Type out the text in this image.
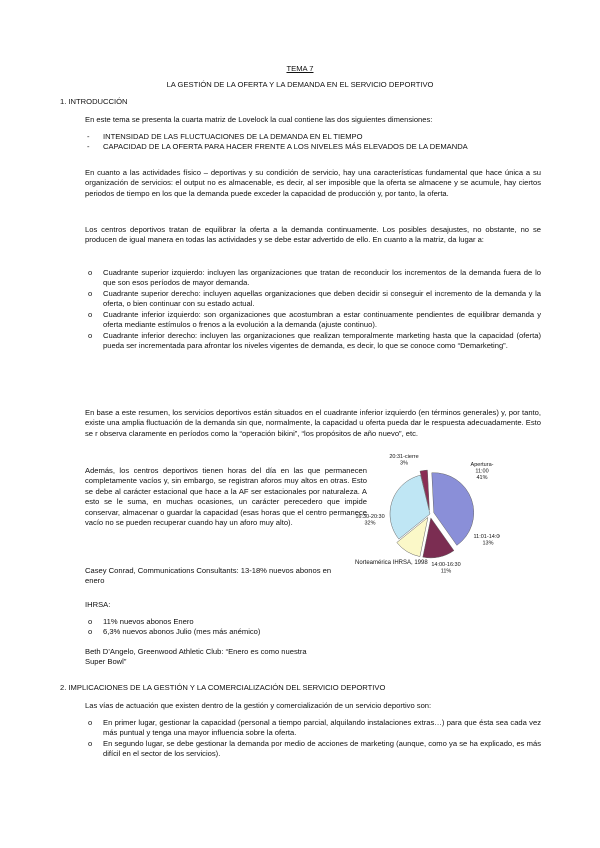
TEMA 7
LA GESTIÓN DE LA OFERTA Y LA DEMANDA EN EL SERVICIO DEPORTIVO
1. INTRODUCCIÓN

En este tema se presenta la cuarta matriz de Lovelock la cual contiene las dos siguientes dimensiones:

- INTENSIDAD DE LAS FLUCTUACIONES DE LA DEMANDA EN EL TIEMPO
- CAPACIDAD DE LA OFERTA PARA HACER FRENTE A LOS NIVELES MÁS ELEVADOS DE LA DEMANDA

En cuanto a las actividades físico – deportivas y su condición de servicio, hay una características fundamental que hace única a su organización de servicios: el output no es almacenable, es decir, al ser imposible que la oferta se almacene y se acumule, hay ciertos periodos de tiempo en los que la demanda puede exceder la capacidad de producción y, por tanto, la oferta.

Los centros deportivos tratan de equilibrar la oferta a la demanda continuamente. Los posibles desajustes, no obstante, no se producen de igual manera en todas las actividades y se debe estar advertido de ello. En cuanto a la matriz, da lugar a:

o Cuadrante superior izquierdo: incluyen las organizaciones que tratan de reconducir los incrementos de la demanda fuera de lo que son esos períodos de mayor demanda.
o Cuadrante superior derecho: incluyen aquellas organizaciones que deben decidir si conseguir el incremento de la demanda y la oferta, o bien continuar con su estado actual.
o Cuadrante inferior izquierdo: son organizaciones que acostumbran a estar continuamente pendientes de equilibrar demanda y oferta mediante estímulos o frenos a la evolución a la demanda (ajuste continuo).
o Cuadrante inferior derecho: incluyen las organizaciones que realizan temporalmente marketing hasta que la capacidad (oferta) pueda ser incrementada para afrontar los niveles vigentes de demanda, es decir, lo que se conoce como “Demarketing”.

En base a este resumen, los servicios deportivos están situados en el cuadrante inferior izquierdo (en términos generales) y, por tanto, existe una amplia fluctuación de la demanda sin que, normalmente, la capacidad u oferta pueda dar le respuesta adecuadamente. Esto se r observa claramente en períodos como la “operación bikini”, “los propósitos de año nuevo”, etc.

Además, los centros deportivos tienen horas del día en las que permanecen completamente vacíos y, sin embargo, se registran aforos muy altos en otras. Esto se debe al carácter estacional que hace a la AF ser estacionales por naturaleza. A esto se le suma, en muchas ocasiones, un carácter perecedero que impide conservar, almacenar o guardar la capacidad (esas horas que el centro permanece vacío no se pueden recuperar cuando hay un aforo muy alto).

Casey Conrad, Communications Consultants: 13-18% nuevos abonos en enero

IHRSA:
o 11% nuevos abonos Enero
o 6,3% nuevos abonos Julio (mes más anémico)

Beth D’Angelo, Greenwood Athletic Club: “Enero es como nuestra Super Bowl”

2. IMPLICACIONES DE LA GESTIÓN Y LA COMERCIALIZACIÓN DEL SERVICIO DEPORTIVO

Las vías de actuación que existen dentro de la gestión y comercialización de un servicio deportivo son:

o En primer lugar, gestionar la capacidad (personal a tiempo parcial, alquilando instalaciones extras…) para que ésta sea cada vez más puntual y tenga una mayor influencia sobre la oferta.
o En segundo lugar, se debe gestionar la demanda por medio de acciones de marketing (aunque, como ya se ha explicado, es más difícil en el sector de los servicios).
Apertura-11:00 41%
11:01-14:00 13%
14:00-16:30 11%
16:30-20:30 32%
20:31-cierre 3%
Norteamérica IHRSA, 1998
